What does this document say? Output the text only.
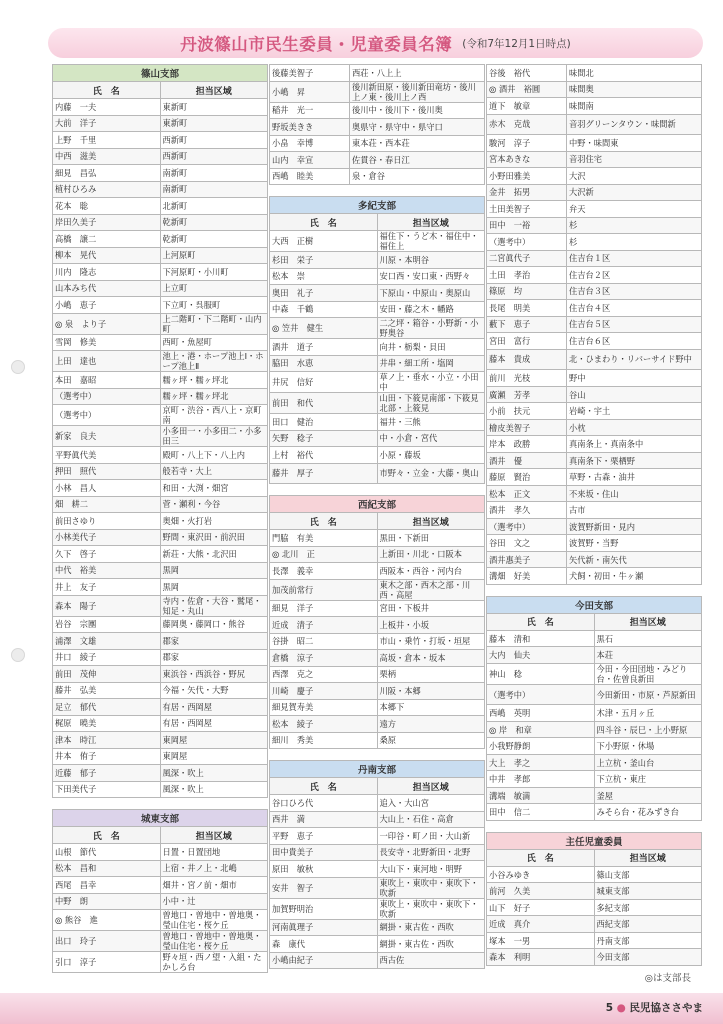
丹波篠山市民生委員・児童委員名簿 (令和7年12月1日時点)
篠山支部	
氏　名	担当区域
内藤　一夫	東新町
大前　洋子	東新町
上野　千里	西新町
中西　滋美	西新町
細見　昌弘	南新町
植村ひろみ	南新町
花本　聡	北新町
岸田久美子	乾新町
高橋　譲二	乾新町
柳本　晃代	上河原町
川内　隆志	下河原町・小川町
山本みち代	上立町
小嶋　恵子	下立町・呉服町
◎ 泉　より子	上二階町・下二階町・山内町
雪岡　修美	西町・魚屋町
上田　達也	池上・港・ホープ池上Ⅰ・ホープ池上Ⅱ
本田　嘉昭	糯ヶ坪・糯ヶ坪北
（選考中）	糯ヶ坪・糯ヶ坪北
（選考中）	京町・渋谷・西八上・京町南
新家　良夫	小多田一・小多田二・小多田三
平野眞代美	殿町・八上下・八上内
押田　照代	般若寺・大上
小林　昌人	和田・大渕・畑宮
畑　耕二	菅・瀬利・今谷
前田さゆり	奥畑・火打岩
小林美代子	野間・東沢田・前沢田
久下　啓子	新荘・大熊・北沢田
中代　裕美	黒岡
井上　友子	黒岡
森本　陽子	寺内・佐倉・大谷・鷲尾・知足・丸山
岩谷　宗團	藤岡奥・藤岡口・熊谷
浦澤　文雄	郡家
井口　綾子	郡家
前田　茂伸	東浜谷・西浜谷・野尻
藤井　弘美	今福・矢代・大野
足立　郁代	有居・西岡屋
梶原　曉美	有居・西岡屋
津本　時江	東岡屋
井本　侑子	東岡屋
近藤　郁子	風深・吹上
下田美代子	風深・吹上
城東支部	
氏　名	担当区域
山根　節代	日置・日置団地
松本　昌和	上宿・井ノ上・北嶋
西尾　昌幸	畑井・宮ノ前・畑市
中野　朗	小中・辻
◎ 熊谷　進	曽地口・曽地中・曽地奥・瑩山住宅・桜ケ丘
出口　玲子	曽地口・曽地中・曽地奥・瑩山住宅・桜ケ丘
引口　淳子	野々垣・西ノ望・入組・たかしろ台
後藤美智子	西荘・八上上
小嶋　昇	後川新田原・後川新田竜坊・後川上ノ東・後川上ノ西
稲井　光一	後川中・後川下・後川奥
野坂美きき	奥県守・県守中・県守口
小畠　幸博	東本荘・西本荘
山内　幸宣	佐貫谷・春日江
西嶋　睦美	泉・倉谷
多紀支部	
氏　名	担当区域
大西　正樹	福住下・うど木・福住中・福住上
杉田　栄子	川原・本明谷
松本　崇	安口西・安口東・西野々
奥田　礼子	下原山・中原山・奥原山
中森　千鶴	安田・藤之木・幡路
◎ 笠井　健生	二之坪・箱谷・小野新・小野奥谷
酒井　道子	向井・栃梨・貝田
脇田　水恵	井串・細工所・塩岡
井尻　信好	草ノ上・垂水・小立・小田中
前田　和代	山田・下筱見南部・下筱見北部・上筱見
田口　健治	福井・三熊
矢野　稔子	中・小倉・宮代
上村　裕代	小原・藤坂
藤井　厚子	市野々・立金・大藤・奥山
西紀支部	
氏　名	担当区域
門脇　有美	黒田・下新田
◎ 北川　正	上新田・川北・口阪本
長澤　義幸	西阪本・西谷・河内台
加茂前常行	東木之部・西木之部・川西・高屋
細見　洋子	宮田・下板井
近成　清子	上板井・小坂
谷掛　昭二	市山・乗竹・打坂・垣屋
倉橋　涼子	高坂・倉本・坂本
西澤　克之	栗柄
川崎　慶子	川阪・本郷
細見賀寿美	本郷下
松本　綾子	遠方
細川　秀美	桑原
丹南支部	
氏　名	担当区域
谷口ひろ代	追入・大山宮
西井　満	大山上・石住・高倉
平野　恵子	一印谷・町ノ田・大山新
田中貴美子	長安寺・北野新田・北野
原田　敏秋	大山下・東河地・明野
安井　智子	東吹上・東吹中・東吹下・吹新
加賀野明治	東吹上・東吹中・東吹下・吹新
河南眞理子	網掛・東古佐・西吹
森　康代	網掛・東古佐・西吹
小嶋由紀子	西古佐
谷後　裕代	味間北
◎ 酒井　裕圓	味間奥
道下　敏章	味間南
赤木　克哉	音羽グリーンタウン・味間新
駿河　淳子	中野・味間東
宮本あきな	音羽住宅
小野田雅美	大沢
金井　拓男	大沢新
土田美智子	弁天
田中　一裕	杉
（選考中）	杉
二宮眞代子	住吉台１区
土田　孝治	住吉台２区
篠原　均	住吉台３区
長尾　明美	住吉台４区
藪下　恵子	住吉台５区
宮田　富行	住吉台６区
藤本　貴成	北・ひまわり・リバーサイド野中
前川　光枝	野中
廣瀬　芳孝	谷山
小前　扶元	岩崎・宇土
檜皮美智子	小枕
岸本　政勝	真南条上・真南条中
酒井　優	真南条下・栗栖野
藤原　賢治	草野・古森・油井
松本　正文	不来坂・住山
酒井　孝久	古市
（選考中）	波賀野新田・見内
谷田　文之	波賀野・当野
酒井惠美子	矢代新・南矢代
溝畑　好美	犬飼・初田・牛ヶ瀬
今田支部	
氏　名	担当区域
藤本　清和	黒石
大内　仙夫	本荘
神山　稔	今田・今田団地・みどり台・佐曽良新田
（選考中）	今田新田・市原・芦原新田
西嶋　英明	木津・五月ヶ丘
◎ 岸　和章	四斗谷・辰巳・上小野原
小我野静朗	下小野原・休場
大上　孝之	上立杭・釜山台
中井　孝郎	下立杭・東庄
溝端　敏満	釜屋
田中　信二	みそら台・花みずき台
主任児童委員	
氏　名	担当区域
小谷みゆき	篠山支部
前河　久美	城東支部
山下　好子	多紀支部
近成　真介	西紀支部
塚本　一男	丹南支部
森本　利明	今田支部
◎は支部長
5 ● 民児協ささやま
